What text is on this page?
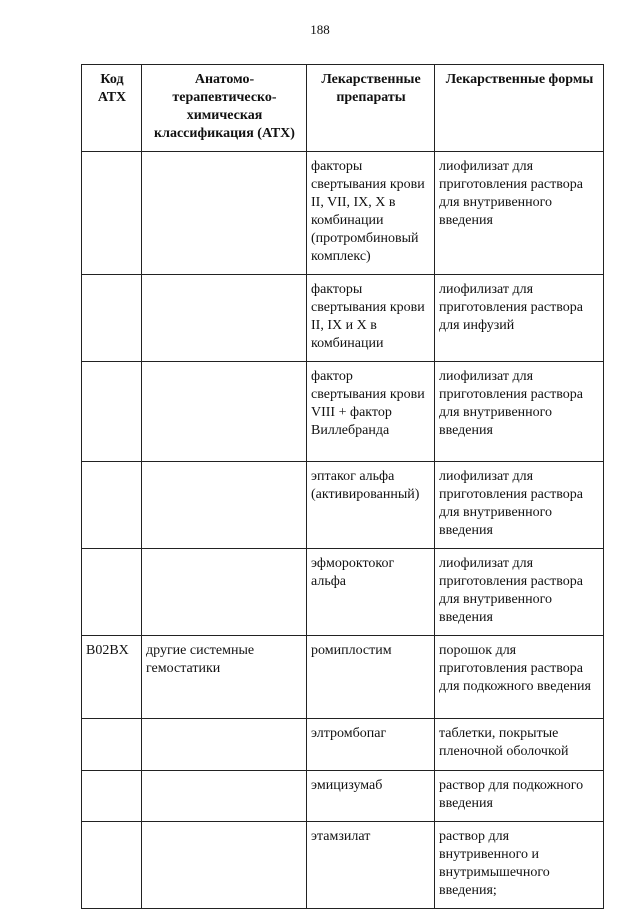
188
Код АТХ	Анатомо-терапевтическо-химическая классификация (АТХ)	Лекарственные препараты	Лекарственные формы
		факторы свертывания крови II, VII, IX, X в комбинации (протромбиновый комплекс)	лиофилизат для приготовления раствора для внутривенного введения
		факторы свертывания крови II, IX и X в комбинации	лиофилизат для приготовления раствора для инфузий
		фактор свертывания крови VIII + фактор Виллебранда	лиофилизат для приготовления раствора для внутривенного введения
		эптаког альфа (активированный)	лиофилизат для приготовления раствора для внутривенного введения
		эфмороктоког альфа	лиофилизат для приготовления раствора для внутривенного введения
B02BX	другие системные гемостатики	ромиплостим	порошок для приготовления раствора для подкожного введения
		элтромбопаг	таблетки, покрытые пленочной оболочкой
		эмицизумаб	раствор для подкожного введения
		этамзилат	раствор для внутривенного и внутримышечного введения;
